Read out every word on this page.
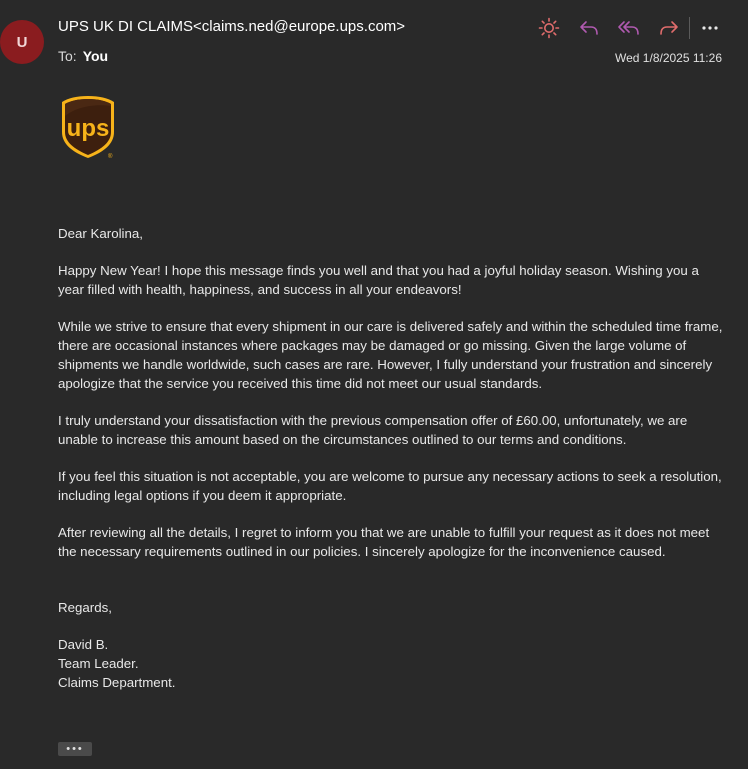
U
UPS UK DI CLAIMS<claims.ned@europe.ups.com>
To: You	Wed 1/8/2025 11:26
ups
®

Dear Karolina,

Happy New Year! I hope this message finds you well and that you had a joyful holiday season. Wishing you a year filled with health, happiness, and success in all your endeavors!

While we strive to ensure that every shipment in our care is delivered safely and within the scheduled time frame, there are occasional instances where packages may be damaged or go missing. Given the large volume of shipments we handle worldwide, such cases are rare. However, I fully understand your frustration and sincerely apologize that the service you received this time did not meet our usual standards.

I truly understand your dissatisfaction with the previous compensation offer of £60.00, unfortunately, we are unable to increase this amount based on the circumstances outlined to our terms and conditions.

If you feel this situation is not acceptable, you are welcome to pursue any necessary actions to seek a resolution, including legal options if you deem it appropriate.

After reviewing all the details, I regret to inform you that we are unable to fulfill your request as it does not meet the necessary requirements outlined in our policies. I sincerely apologize for the inconvenience caused.

Regards,

David B.
Team Leader.
Claims Department.
•••
